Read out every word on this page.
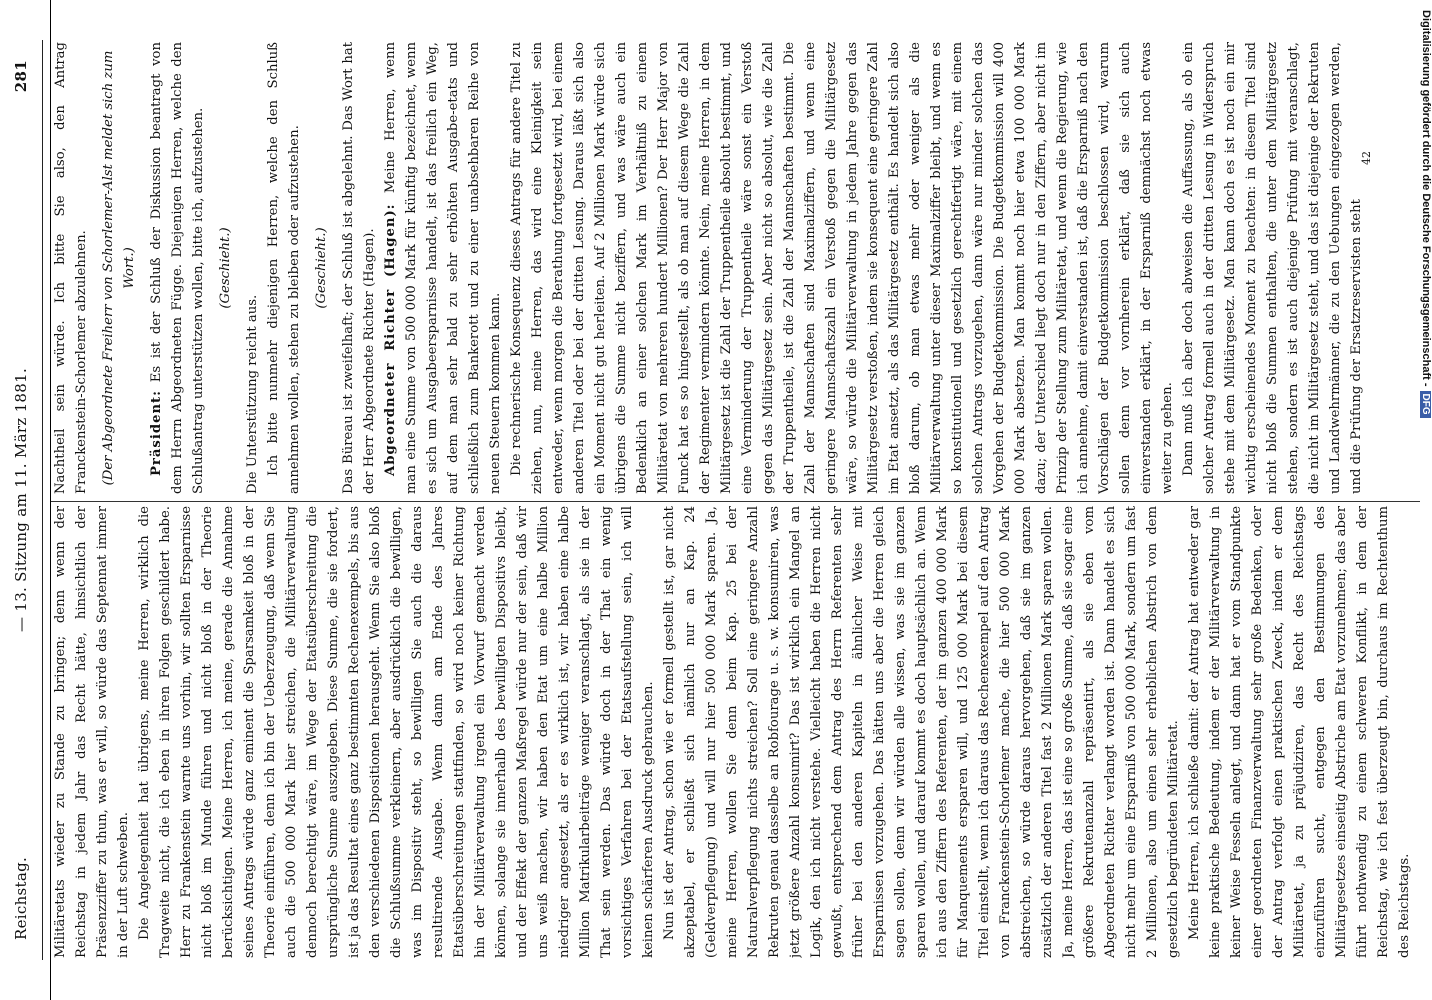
Reichstag.
— 13. Sitzung am 11. März 1881.
281

Militäretats wieder zu Stande zu bringen; denn wenn der Reichstag in jedem Jahr das Recht hätte, hinsichtlich der Präsenzziffer zu thun, was er will, so würde das Septennat immer in der Luft schweben. Die Angelegenheit hat übrigens, meine Herren, wirklich die Tragweite nicht, die ich eben in ihren Folgen geschildert habe. Herr zu Frankenstein warnte uns vorhin, wir sollten Ersparnisse nicht bloß im Munde führen und nicht bloß in der Theorie berücksichtigen. Meine Herren, ich meine, gerade die Annahme seines Antrags würde ganz eminent die Sparsamkeit bloß in der Theorie einführen, denn ich bin der Ueberzeugung, daß wenn Sie auch die 500 000 Mark hier streichen, die Militärverwaltung dennoch berechtigt wäre, im Wege der Etatsüberschreitung die ursprüngliche Summe auszugeben. Diese Summe, die sie fordert, ist ja das Resultat eines ganz bestimmten Rechenexempels, bis aus den verschiedenen Dispositionen herausgeht. Wenn Sie also bloß die Schlußsumme verkleinern, aber ausdrücklich die bewilligen, was im Dispositiv steht, so bewilligen Sie auch die daraus resultirende Ausgabe. Wenn dann am Ende des Jahres Etatsüberschreitungen stattfinden, so wird noch keiner Richtung hin der Militärverwaltung irgend ein Vorwurf gemacht werden können, solange sie innerhalb des bewilligten Dispositivs bleibt, und der Effekt der ganzen Maßregel würde nur der sein, daß wir uns weiß machen, wir haben den Etat um eine halbe Million niedriger angesetzt, als er es wirklich ist, wir haben eine halbe Million Matrikularbeiträge weniger veranschlagt, als sie in der That sein werden. Das würde doch in der That ein wenig vorsichtiges Verfahren bei der Etatsaufstellung sein, ich will keinen schärferen Ausdruck gebrauchen. Nun ist der Antrag, schon wie er formell gestellt ist, gar nicht akzeptabel, er schließt sich nämlich nur an Kap. 24 (Geldverpflegung) und will nur hier 500 000 Mark sparen. Ja, meine Herren, wollen Sie denn beim Kap. 25 bei der Naturalverpflegung nichts streichen? Soll eine geringere Anzahl Rekruten genau dasselbe an Robfourage u. s. w. konsumiren, was jetzt größere Anzahl konsumirt? Das ist wirklich ein Mangel an Logik, den ich nicht verstehe. Vielleicht haben die Herren nicht gewußt, entsprechend dem Antrag des Herrn Referenten sehr früher bei den anderen Kapiteln in ähnlicher Weise mit Ersparnissen vorzugehen. Das hätten uns aber die Herren gleich sagen sollen, denn wir würden alle wissen, was sie im ganzen sparen wollen, und darauf kommt es doch hauptsächlich an. Wenn ich aus den Ziffern des Referenten, der im ganzen 400 000 Mark für Manquements ersparen will, und 125 000 Mark bei diesem Titel einstellt, wenn ich daraus das Rechenexempel auf den Antrag von Franckenstein-Schorlemer mache, die hier 500 000 Mark abstreichen, so würde daraus hervorgehen, daß sie im ganzen zusätzlich der anderen Titel fast 2 Millionen Mark sparen wollen. Ja, meine Herren, das ist eine so große Summe, daß sie sogar eine größere Rekrutenanzahl repräsentirt, als sie eben vom Abgeordneten Richter verlangt worden ist. Dann handelt es sich nicht mehr um eine Ersparniß von 500 000 Mark, sondern um fast 2 Millionen, also um einen sehr erheblichen Abstrich von dem gesetzlich begründeten Militäretat. Meine Herren, ich schließe damit: der Antrag hat entweder gar keine praktische Bedeutung, indem er der Militärverwaltung in keiner Weise Fesseln anlegt, und dann hat er vom Standpunkte einer geordneten Finanzverwaltung sehr große Bedenken, oder der Antrag verfolgt einen praktischen Zweck, indem er dem Militäretat, ja zu präjudiziren, das Recht des Reichstags einzuführen sucht, entgegen den Bestimmungen des Militärgesetzes einseitig Abstriche am Etat vorzunehmen; das aber führt nothwendig zu einem schweren Konflikt, in dem der Reichstag, wie ich fest überzeugt bin, durchaus im Rechtenthum des Reichstags.

Nachtheil sein würde. Ich bitte Sie also, den Antrag Franckenstein-Schorlemer abzulehnen. (Der Abgeordnete Freiherr von Schorlemer-Alst meldet sich zum Wort.)

Präsident: Es ist der Schluß der Diskussion beantragt von dem Herrn Abgeordneten Függe. Diejenigen Herren, welche den Schlußantrag unterstützen wollen, bitte ich, aufzustehen. (Geschieht.)

Die Unterstützung reicht aus. Ich bitte nunmehr diejenigen Herren, welche den Schluß annehmen wollen, stehen zu bleiben oder aufzustehen. (Geschieht.) Das Büreau ist zweifelhaft; der Schluß ist abgelehnt. Das Wort hat der Herr Abgeordnete Richter (Hagen). Abgeordneter Richter (Hagen): Meine Herren, wenn man eine Summe von 500 000 Mark für künftig bezeichnet, wenn es sich um Ausgabeersparnisse handelt, ist das freilich ein Weg, auf dem man sehr bald zu sehr erhöhten Ausgabe-etats und schließlich zum Bankerott und zu einer unabsehbaren Reihe von neuen Steuern kommen kann. Die rechnerische Konsequenz dieses Antrags für andere Titel zu ziehen, nun, meine Herren, das wird eine Kleinigkeit sein entweder, wenn morgen die Berathung fortgesetzt wird, bei einem anderen Titel oder bei der dritten Lesung. Daraus läßt sich also ein Moment nicht gut herleiten. Auf 2 Millionen Mark würde sich übrigens die Summe nicht beziffern, und was wäre auch ein Bedenklich an einer solchen Mark im Verhältniß zu einem Militäretat von mehreren hundert Millionen? Der Herr Major von Funck hat es so hingestellt, als ob man auf diesem Wege die Zahl der Regimenter vermindern könnte. Nein, meine Herren, in dem Militärgesetz ist die Zahl der Truppentheile absolut bestimmt, und eine Verminderung der Truppentheile wäre sonst ein Verstoß gegen das Militärgesetz sein. Aber nicht so absolut, wie die Zahl der Truppentheile, ist die Zahl der Mannschaften bestimmt. Die Zahl der Mannschaften sind Maximalziffern, und wenn eine geringere Mannschaftszahl ein Verstoß gegen die Militärgesetz wäre, so würde die Militärverwaltung in jedem Jahre gegen das Militärgesetz verstoßen, indem sie konsequent eine geringere Zahl im Etat ansetzt, als das Militärgesetz enthält. Es handelt sich also bloß darum, ob man etwas mehr oder weniger als die Militärverwaltung unter dieser Maximalziffer bleibt, und wenn es so konstitutionell und gesetzlich gerechtfertigt wäre, mit einem solchen Antrags vorzugehen, dann wäre nur minder solchen das Vorgehen der Budgetkommission. Die Budgetkommission will 400 000 Mark absetzen. Man kommt noch hier etwa 100 000 Mark dazu; der Unterschied liegt doch nur in den Ziffern, aber nicht im Prinzip der Stellung zum Militäretat, und wenn die Regierung, wie ich annehme, damit einverstanden ist, daß die Ersparniß nach den Vorschlägen der Budgetkommission beschlossen wird, warum sollen denn vor vornherein erklärt, daß sie sich auch einverstanden erklärt, in der Ersparniß demnächst noch etwas weiter zu gehen. Dann muß ich aber doch abweisen die Auffassung, als ob ein solcher Antrag formell auch in der dritten Lesung in Widerspruch stehe mit dem Militärgesetz. Man kann doch es ist noch ein mir wichtig erscheinendes Moment zu beachten: in diesem Titel sind nicht bloß die Summen enthalten, die unter dem Militärgesetz stehen, sondern es ist auch diejenige Prüfung mit veranschlagt, die nicht im Militärgesetz steht, und das ist diejenige der Rekruten und Landwehrmänner, die zu den Uebungen eingezogen werden, und die Prüfung der Ersatzreservisten steht

42	Digitalisierung gefördert durch die Deutsche Forschungsgemeinschaft -DFG
